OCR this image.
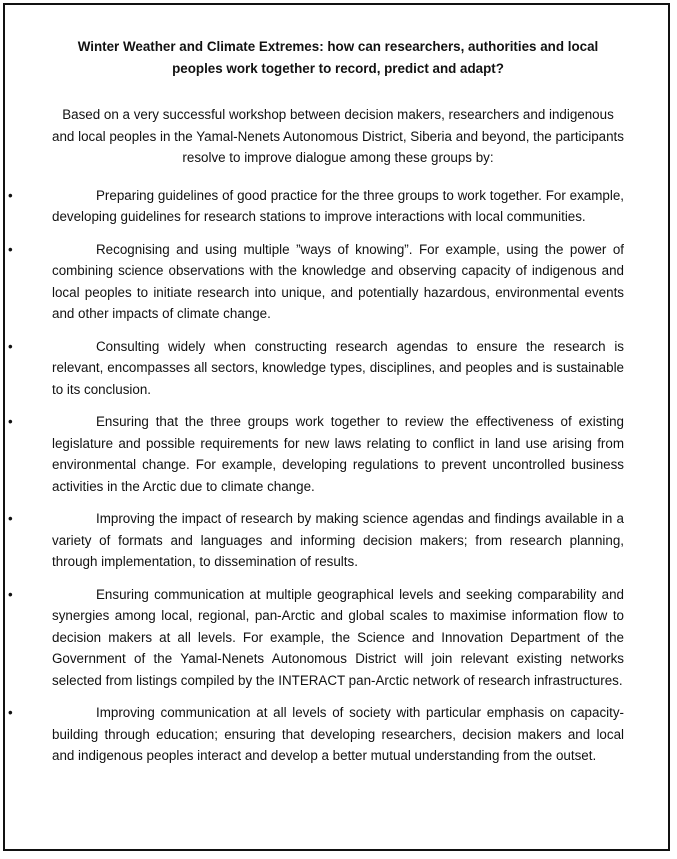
Winter Weather and Climate Extremes: how can researchers, authorities and local peoples work together to record, predict and adapt?

Based on a very successful workshop between decision makers, researchers and indigenous and local peoples in the Yamal-Nenets Autonomous District, Siberia and beyond, the participants resolve to improve dialogue among these groups by:

•	Preparing guidelines of good practice for the three groups to work together. For example, developing guidelines for research stations to improve interactions with local communities.
•	Recognising and using multiple ”ways of knowing”. For example, using the power of combining science observations with the knowledge and observing capacity of indigenous and local peoples to initiate research into unique, and potentially hazardous, environmental events and other impacts of climate change.
•	Consulting widely when constructing research agendas to ensure the research is relevant, encompasses all sectors, knowledge types, disciplines, and peoples and is sustainable to its conclusion.
•	Ensuring that the three groups work together to review the effectiveness of existing legislature and possible requirements for new laws relating to conflict in land use arising from environmental change. For example, developing regulations to prevent uncontrolled business activities in the Arctic due to climate change.
•	Improving the impact of research by making science agendas and findings available in a variety of formats and languages and informing decision makers; from research planning, through implementation, to dissemination of results.
•	Ensuring communication at multiple geographical levels and seeking comparability and synergies among local, regional, pan-Arctic and global scales to maximise information flow to decision makers at all levels. For example, the Science and Innovation Department of the Government of the Yamal-Nenets Autonomous District will join relevant existing networks selected from listings compiled by the INTERACT pan-Arctic network of research infrastructures.
•	Improving communication at all levels of society with particular emphasis on capacity-building through education; ensuring that developing researchers, decision makers and local and indigenous peoples interact and develop a better mutual understanding from the outset.
